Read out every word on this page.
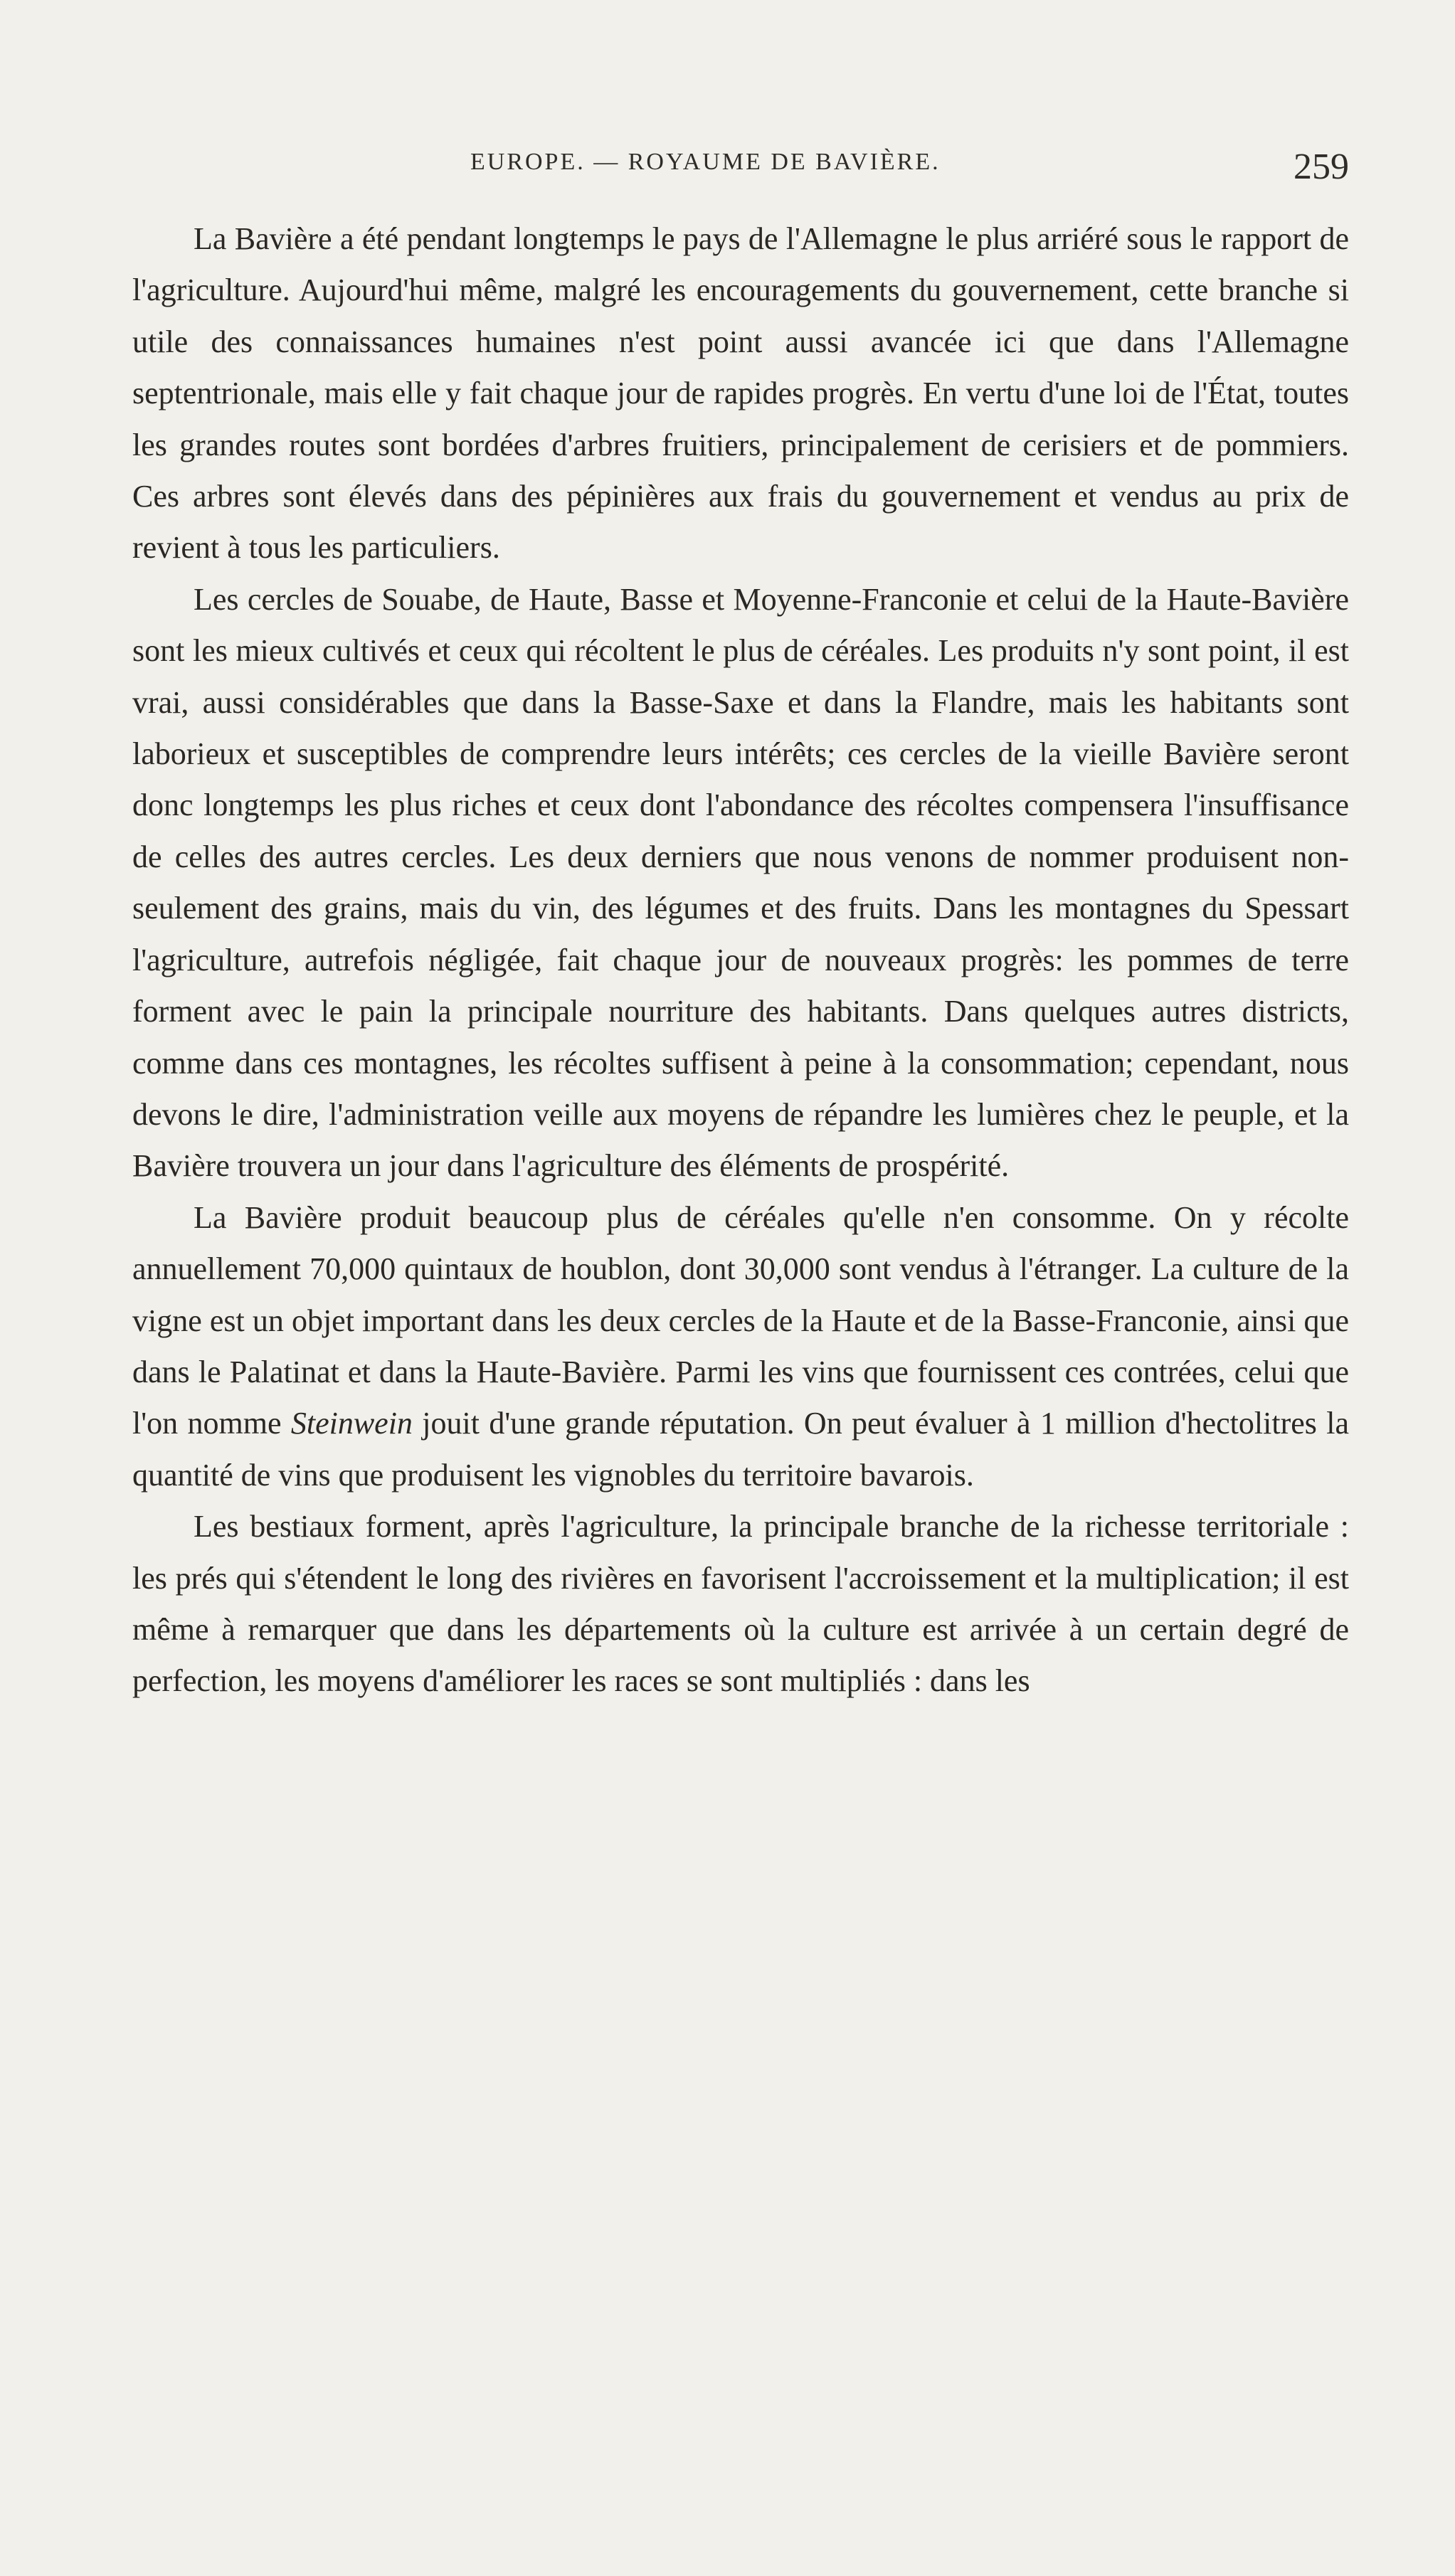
EUROPE. — ROYAUME DE BAVIÈRE.	259

La Bavière a été pendant longtemps le pays de l'Allemagne le plus arriéré sous le rapport de l'agriculture. Aujourd'hui même, malgré les encouragements du gouvernement, cette branche si utile des connaissances humaines n'est point aussi avancée ici que dans l'Allemagne septentrionale, mais elle y fait chaque jour de rapides progrès. En vertu d'une loi de l'État, toutes les grandes routes sont bordées d'arbres fruitiers, principalement de cerisiers et de pommiers. Ces arbres sont élevés dans des pépinières aux frais du gouvernement et vendus au prix de revient à tous les particuliers.

Les cercles de Souabe, de Haute, Basse et Moyenne-Franconie et celui de la Haute-Bavière sont les mieux cultivés et ceux qui récoltent le plus de céréales. Les produits n'y sont point, il est vrai, aussi considérables que dans la Basse-Saxe et dans la Flandre, mais les habitants sont laborieux et susceptibles de comprendre leurs intérêts; ces cercles de la vieille Bavière seront donc longtemps les plus riches et ceux dont l'abondance des récoltes compensera l'insuffisance de celles des autres cercles. Les deux derniers que nous venons de nommer produisent non-seulement des grains, mais du vin, des légumes et des fruits. Dans les montagnes du Spessart l'agriculture, autrefois négligée, fait chaque jour de nouveaux progrès: les pommes de terre forment avec le pain la principale nourriture des habitants. Dans quelques autres districts, comme dans ces montagnes, les récoltes suffisent à peine à la consommation; cependant, nous devons le dire, l'administration veille aux moyens de répandre les lumières chez le peuple, et la Bavière trouvera un jour dans l'agriculture des éléments de prospérité.

La Bavière produit beaucoup plus de céréales qu'elle n'en consomme. On y récolte annuellement 70,000 quintaux de houblon, dont 30,000 sont vendus à l'étranger. La culture de la vigne est un objet important dans les deux cercles de la Haute et de la Basse-Franconie, ainsi que dans le Palatinat et dans la Haute-Bavière. Parmi les vins que fournissent ces contrées, celui que l'on nomme Steinwein jouit d'une grande réputation. On peut évaluer à 1 million d'hectolitres la quantité de vins que produisent les vignobles du territoire bavarois.

Les bestiaux forment, après l'agriculture, la principale branche de la richesse territoriale : les prés qui s'étendent le long des rivières en favorisent l'accroissement et la multiplication; il est même à remarquer que dans les départements où la culture est arrivée à un certain degré de perfection, les moyens d'améliorer les races se sont multipliés : dans les
